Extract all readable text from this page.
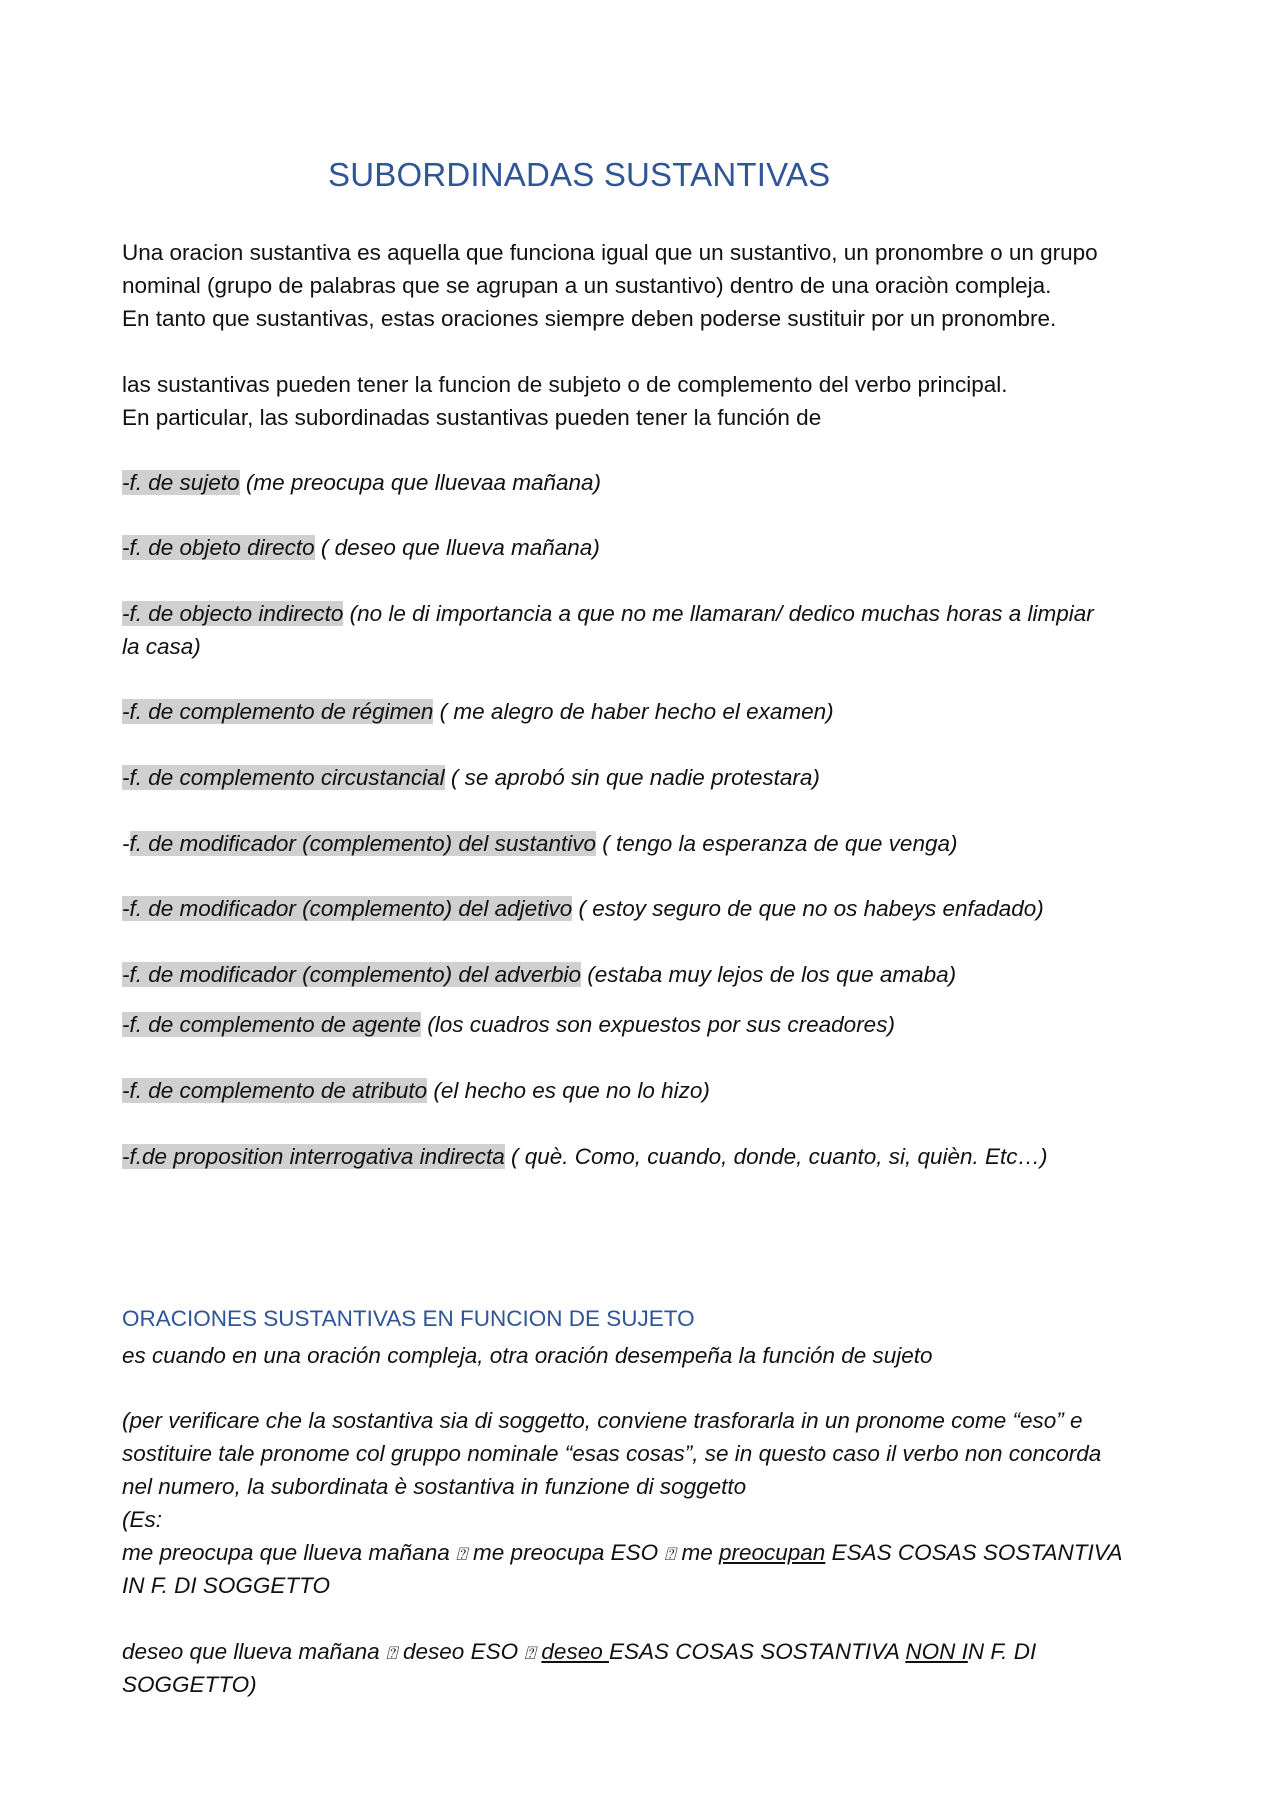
SUBORDINADAS SUSTANTIVAS
Una oracion sustantiva es aquella que funciona igual que un sustantivo, un pronombre o un grupo
nominal (grupo de palabras que se agrupan a un sustantivo) dentro de una oraciòn compleja.
En tanto que sustantivas, estas oraciones siempre deben poderse sustituir por un pronombre.
las sustantivas pueden tener la funcion de subjeto o de complemento del verbo principal.
En particular, las subordinadas sustantivas pueden tener la función de
-f. de sujeto (me preocupa que lluevaa mañana)
-f. de objeto directo ( deseo que llueva mañana)
-f. de objecto indirecto (no le di importancia a que no me llamaran/ dedico muchas horas a limpiar
la casa)
-f. de complemento de régimen ( me alegro de haber hecho el examen)
-f. de complemento circustancial ( se aprobó sin que nadie protestara)
-f. de modificador (complemento) del sustantivo ( tengo la esperanza de que venga)
-f. de modificador (complemento) del adjetivo ( estoy seguro de que no os habeys enfadado)
-f. de modificador (complemento) del adverbio (estaba muy lejos de los que amaba)
-f. de complemento de agente (los cuadros son expuestos por sus creadores)
-f. de complemento de atributo (el hecho es que no lo hizo)
-f.de proposition interrogativa indirecta ( què. Como, cuando, donde, cuanto, si, quièn. Etc…)
ORACIONES SUSTANTIVAS EN FUNCION DE SUJETO
es cuando en una oración compleja, otra oración desempeña la función de sujeto
(per verificare che la sostantiva sia di soggetto, conviene trasforarla in un pronome come “eso” e
sostituire tale pronome col gruppo nominale “esas cosas”, se in questo caso il verbo non concorda
nel numero, la subordinata è sostantiva in funzione di soggetto
(Es:
me preocupa que llueva mañana ⍰ me preocupa ESO ⍰ me preocupan ESAS COSAS SOSTANTIVA
IN F. DI SOGGETTO
deseo que llueva mañana ⍰ deseo ESO ⍰ deseo ESAS COSAS SOSTANTIVA NON IN F. DI
SOGGETTO)
